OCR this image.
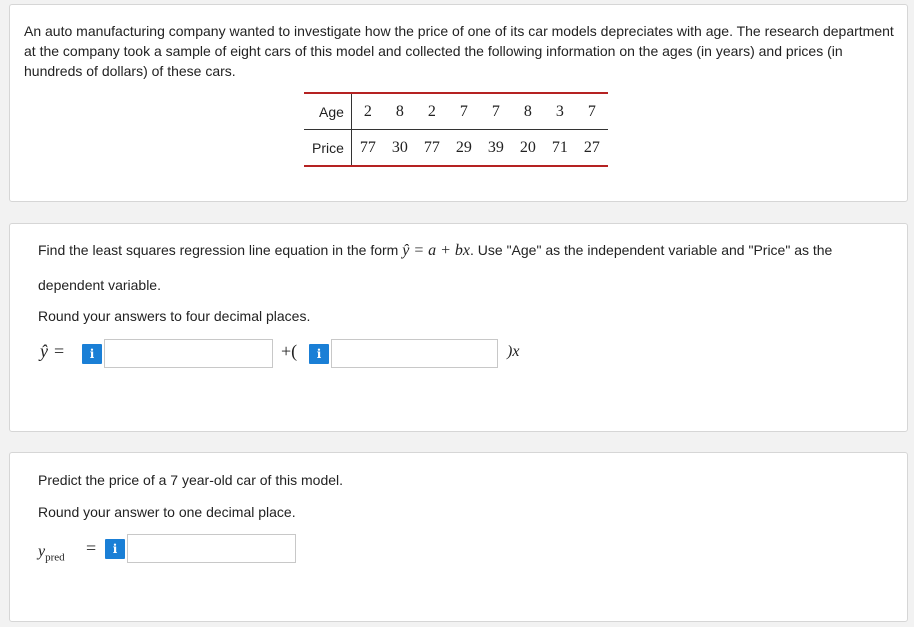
An auto manufacturing company wanted to investigate how the price of one of its car models depreciates with age. The research department at the company took a sample of eight cars of this model and collected the following information on the ages (in years) and prices (in hundreds of dollars) of these cars.

Age	2	8	2	7	7	8	3	7
Price	77	30	77	29	39	20	71	27

Find the least squares regression line equation in the form ŷ = a + bx. Use "Age" as the independent variable and "Price" as the

dependent variable.

Round your answers to four decimal places.

ŷ =	i	+(	i	)x

Predict the price of a 7 year-old car of this model.

Round your answer to one decimal place.

$y_{pred}$ =	i
